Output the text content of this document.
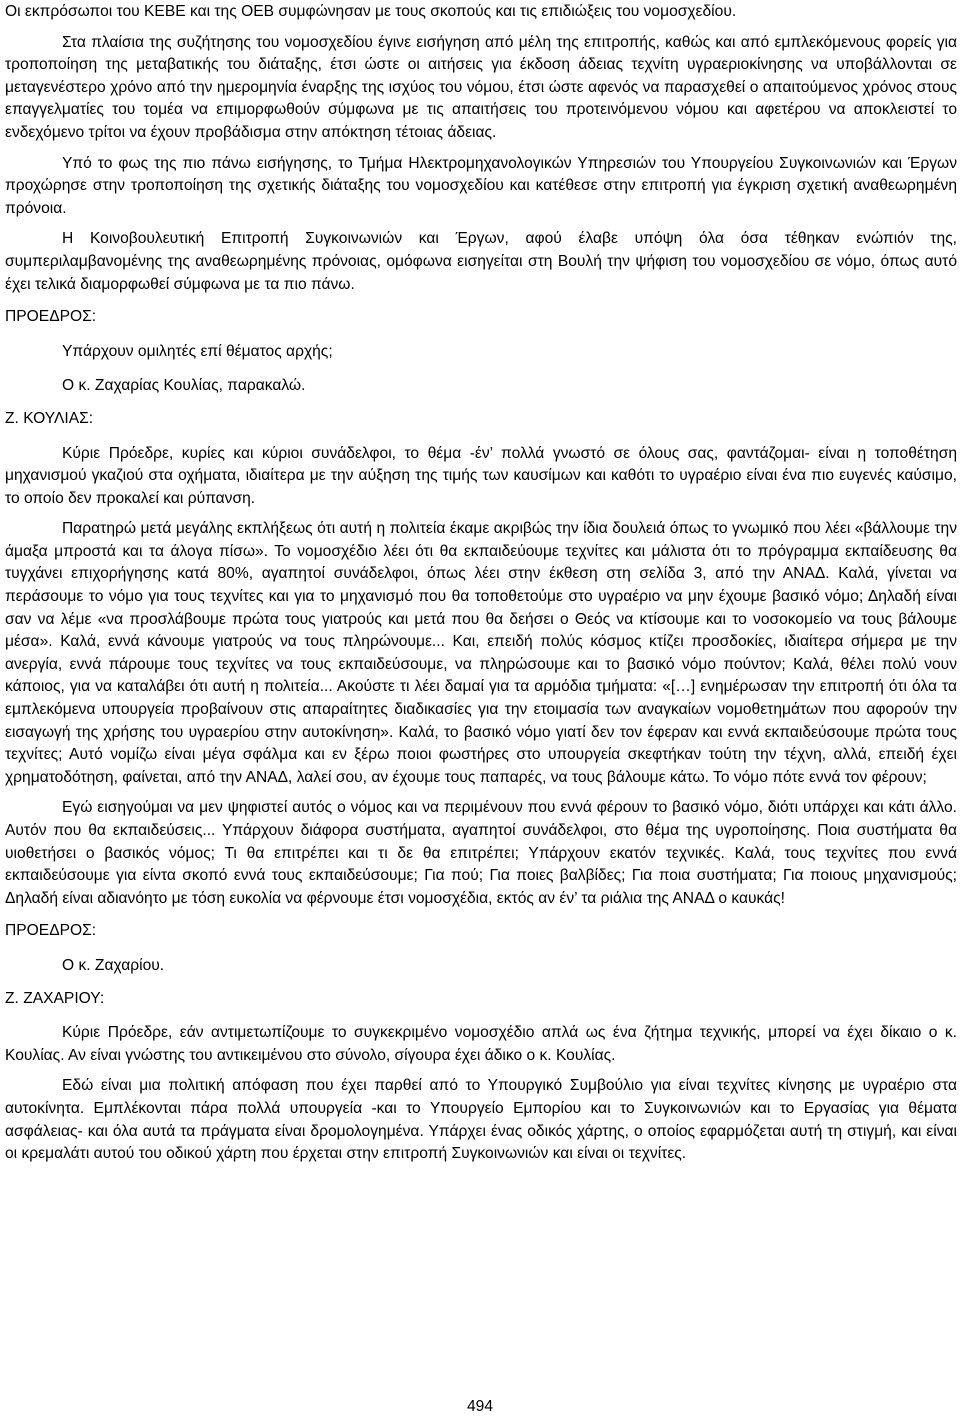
Οι εκπρόσωποι του ΚΕΒΕ και της ΟΕΒ συμφώνησαν με τους σκοπούς και τις επιδιώξεις του νομοσχεδίου.

Στα πλαίσια της συζήτησης του νομοσχεδίου έγινε εισήγηση από μέλη της επιτροπής, καθώς και από εμπλεκόμενους φορείς για τροποποίηση της μεταβατικής του διάταξης, έτσι ώστε οι αιτήσεις για έκδοση άδειας τεχνίτη υγραεριοκίνησης να υποβάλλονται σε μεταγενέστερο χρόνο από την ημερομηνία έναρξης της ισχύος του νόμου, έτσι ώστε αφενός να παρασχεθεί ο απαιτούμενος χρόνος στους επαγγελματίες του τομέα να επιμορφωθούν σύμφωνα με τις απαιτήσεις του προτεινόμενου νόμου και αφετέρου να αποκλειστεί το ενδεχόμενο τρίτοι να έχουν προβάδισμα στην απόκτηση τέτοιας άδειας.

Υπό το φως της πιο πάνω εισήγησης, το Τμήμα Ηλεκτρομηχανολογικών Υπηρεσιών του Υπουργείου Συγκοινωνιών και Έργων προχώρησε στην τροποποίηση της σχετικής διάταξης του νομοσχεδίου και κατέθεσε στην επιτροπή για έγκριση σχετική αναθεωρημένη πρόνοια.

Η Κοινοβουλευτική Επιτροπή Συγκοινωνιών και Έργων, αφού έλαβε υπόψη όλα όσα τέθηκαν ενώπιόν της, συμπεριλαμβανομένης της αναθεωρημένης πρόνοιας, ομόφωνα εισηγείται στη Βουλή την ψήφιση του νομοσχεδίου σε νόμο, όπως αυτό έχει τελικά διαμορφωθεί σύμφωνα με τα πιο πάνω.

ΠΡΟΕΔΡΟΣ:

Υπάρχουν ομιλητές επί θέματος αρχής;

Ο κ. Ζαχαρίας Κουλίας, παρακαλώ.

Ζ. ΚΟΥΛΙΑΣ:

Κύριε Πρόεδρε, κυρίες και κύριοι συνάδελφοι, το θέμα -έν’ πολλά γνωστό σε όλους σας, φαντάζομαι- είναι η τοποθέτηση μηχανισμού γκαζιού στα οχήματα, ιδιαίτερα με την αύξηση της τιμής των καυσίμων και καθότι το υγραέριο είναι ένα πιο ευγενές καύσιμο, το οποίο δεν προκαλεί και ρύπανση.

Παρατηρώ μετά μεγάλης εκπλήξεως ότι αυτή η πολιτεία έκαμε ακριβώς την ίδια δουλειά όπως το γνωμικό που λέει «βάλλουμε την άμαξα μπροστά και τα άλογα πίσω». Το νομοσχέδιο λέει ότι θα εκπαιδεύουμε τεχνίτες και μάλιστα ότι το πρόγραμμα εκπαίδευσης θα τυγχάνει επιχορήγησης κατά 80%, αγαπητοί συνάδελφοι, όπως λέει στην έκθεση στη σελίδα 3, από την ΑΝΑΔ. Καλά, γίνεται να περάσουμε το νόμο για τους τεχνίτες και για το μηχανισμό που θα τοποθετούμε στο υγραέριο να μην έχουμε βασικό νόμο; Δηλαδή είναι σαν να λέμε «να προσλάβουμε πρώτα τους γιατρούς και μετά που θα δεήσει ο Θεός να κτίσουμε και το νοσοκομείο να τους βάλουμε μέσα». Καλά, εννά κάνουμε γιατρούς να τους πληρώνουμε... Και, επειδή πολύς κόσμος κτίζει προσδοκίες, ιδιαίτερα σήμερα με την ανεργία, εννά πάρουμε τους τεχνίτες να τους εκπαιδεύσουμε, να πληρώσουμε και το βασικό νόμο πούντον; Καλά, θέλει πολύ νουν κάποιος, για να καταλάβει ότι αυτή η πολιτεία... Ακούστε τι λέει δαμαί για τα αρμόδια τμήματα: «[…] ενημέρωσαν την επιτροπή ότι όλα τα εμπλεκόμενα υπουργεία προβαίνουν στις απαραίτητες διαδικασίες για την ετοιμασία των αναγκαίων νομοθετημάτων που αφορούν την εισαγωγή της χρήσης του υγραερίου στην αυτοκίνηση». Καλά, το βασικό νόμο γιατί δεν τον έφεραν και εννά εκπαιδεύσουμε πρώτα τους τεχνίτες; Αυτό νομίζω είναι μέγα σφάλμα και εν ξέρω ποιοι φωστήρες στο υπουργεία σκεφτήκαν τούτη την τέχνη, αλλά, επειδή έχει χρηματοδότηση, φαίνεται, από την ΑΝΑΔ, λαλεί σου, αν έχουμε τους παπαρές, να τους βάλουμε κάτω. Το νόμο πότε εννά τον φέρουν;

Εγώ εισηγούμαι να μεν ψηφιστεί αυτός ο νόμος και να περιμένουν που εννά φέρουν το βασικό νόμο, διότι υπάρχει και κάτι άλλο. Αυτόν που θα εκπαιδεύσεις... Υπάρχουν διάφορα συστήματα, αγαπητοί συνάδελφοι, στο θέμα της υγροποίησης. Ποια συστήματα θα υιοθετήσει ο βασικός νόμος; Τι θα επιτρέπει και τι δε θα επιτρέπει; Υπάρχουν εκατόν τεχνικές. Καλά, τους τεχνίτες που εννά εκπαιδεύσουμε για είντα σκοπό εννά τους εκπαιδεύσουμε; Για πού; Για ποιες βαλβίδες; Για ποια συστήματα; Για ποιους μηχανισμούς; Δηλαδή είναι αδιανόητο με τόση ευκολία να φέρνουμε έτσι νομοσχέδια, εκτός αν έν’ τα ριάλια της ΑΝΑΔ ο καυκάς!

ΠΡΟΕΔΡΟΣ:

Ο κ. Ζαχαρίου.

Ζ. ΖΑΧΑΡΙΟΥ:

Κύριε Πρόεδρε, εάν αντιμετωπίζουμε το συγκεκριμένο νομοσχέδιο απλά ως ένα ζήτημα τεχνικής, μπορεί να έχει δίκαιο ο κ. Κουλίας. Αν είναι γνώστης του αντικειμένου στο σύνολο, σίγουρα έχει άδικο ο κ. Κουλίας.

Εδώ είναι μια πολιτική απόφαση που έχει παρθεί από το Υπουργικό Συμβούλιο για είναι τεχνίτες κίνησης με υγραέριο στα αυτοκίνητα. Εμπλέκονται πάρα πολλά υπουργεία -και το Υπουργείο Εμπορίου και το Συγκοινωνιών και το Εργασίας για θέματα ασφάλειας- και όλα αυτά τα πράγματα είναι δρομολογημένα. Υπάρχει ένας οδικός χάρτης, ο οποίος εφαρμόζεται αυτή τη στιγμή, και είναι οι κρεμαλάτι αυτού του οδικού χάρτη που έρχεται στην επιτροπή Συγκοινωνιών και είναι οι τεχνίτες.

494
